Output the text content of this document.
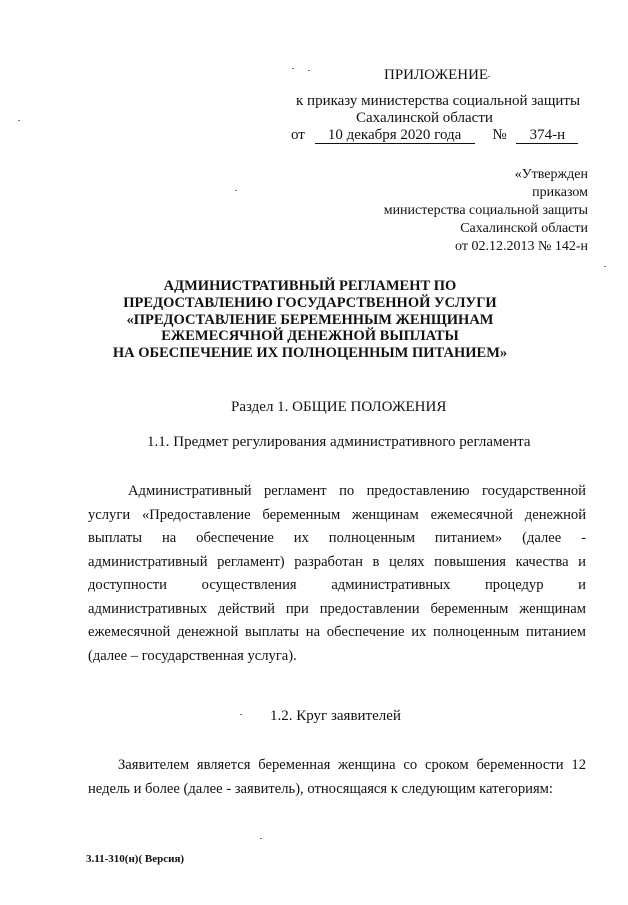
ПРИЛОЖЕНИЕ
к приказу министерства социальной защиты
Сахалинской области
от 10 декабря 2020 года № 374-н
«Утвержден
приказом
министерства социальной защиты
Сахалинской области
от 02.12.2013 № 142-н
АДМИНИСТРАТИВНЫЙ РЕГЛАМЕНТ ПО
ПРЕДОСТАВЛЕНИЮ ГОСУДАРСТВЕННОЙ УСЛУГИ
«ПРЕДОСТАВЛЕНИЕ БЕРЕМЕННЫМ ЖЕНЩИНАМ
ЕЖЕМЕСЯЧНОЙ ДЕНЕЖНОЙ ВЫПЛАТЫ
НА ОБЕСПЕЧЕНИЕ ИХ ПОЛНОЦЕННЫМ ПИТАНИЕМ»
Раздел 1. ОБЩИЕ ПОЛОЖЕНИЯ
1.1. Предмет регулирования административного регламента
Административный регламент по предоставлению государственной
услуги «Предоставление беременным женщинам ежемесячной денежной
выплаты на обеспечение их полноценным питанием» (далее -
административный регламент) разработан в целях повышения качества и
доступности осуществления административных процедур и
административных действий при предоставлении беременным женщинам
ежемесячной денежной выплаты на обеспечение их полноценным питанием
(далее – государственная услуга).
1.2. Круг заявителей
Заявителем является беременная женщина со сроком беременности 12
недель и более (далее - заявитель), относящаяся к следующим категориям:
3.11-310(н)( Версия)
